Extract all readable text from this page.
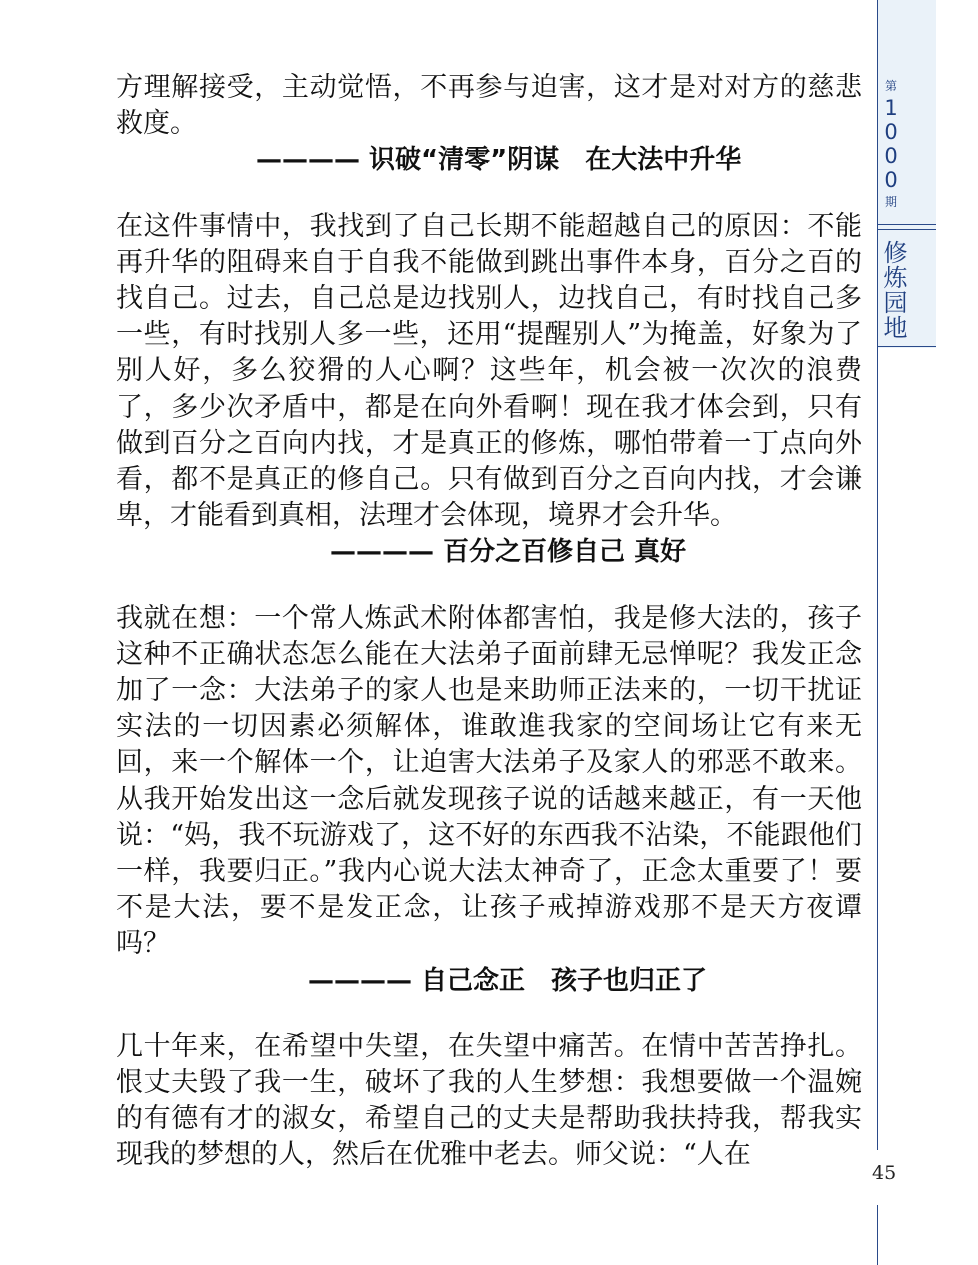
第
1
0
0
0
期
修炼园地

方理解接受，主动觉悟，不再参与迫害，这才是对对方的慈悲救度。

———— 识破“清零”阴谋　在大法中升华

在这件事情中，我找到了自己长期不能超越自己的原因：不能再升华的阻碍来自于自我不能做到跳出事件本身，百分之百的找自己。过去，自己总是边找别人，边找自己，有时找自己多一些，有时找别人多一些，还用“提醒别人”为掩盖，好象为了别人好，多么狡猾的人心啊？这些年，机会被一次次的浪费了，多少次矛盾中，都是在向外看啊！现在我才体会到，只有做到百分之百向内找，才是真正的修炼，哪怕带着一丁点向外看，都不是真正的修自己。只有做到百分之百向内找，才会谦卑，才能看到真相，法理才会体现，境界才会升华。

———— 百分之百修自己 真好

我就在想：一个常人炼武术附体都害怕，我是修大法的，孩子这种不正确状态怎么能在大法弟子面前肆无忌惮呢？我发正念加了一念：大法弟子的家人也是来助师正法来的，一切干扰证实法的一切因素必须解体，谁敢進我家的空间场让它有来无回，来一个解体一个，让迫害大法弟子及家人的邪恶不敢来。从我开始发出这一念后就发现孩子说的话越来越正，有一天他说：“妈，我不玩游戏了，这不好的东西我不沾染，不能跟他们一样，我要归正。”我内心说大法太神奇了，正念太重要了！要不是大法，要不是发正念，让孩子戒掉游戏那不是天方夜谭吗？

———— 自己念正　孩子也归正了

几十年来，在希望中失望，在失望中痛苦。在情中苦苦挣扎。恨丈夫毁了我一生，破坏了我的人生梦想：我想要做一个温婉的有德有才的淑女，希望自己的丈夫是帮助我扶持我，帮我实现我的梦想的人，然后在优雅中老去。师父说：“人在

45
